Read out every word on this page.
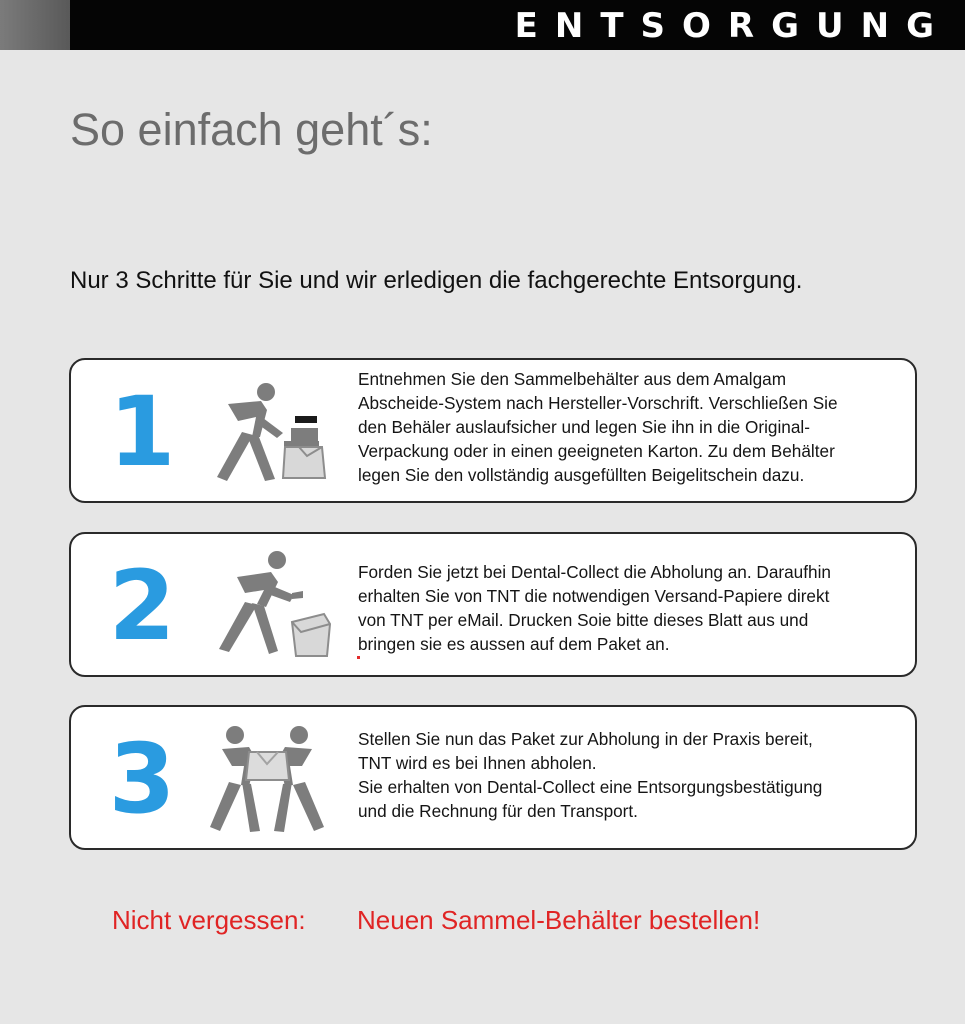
ENTSORGUNG
So einfach geht´s:
Nur 3 Schritte für Sie und wir erledigen die fachgerechte Entsorgung.
1	Entnehmen Sie den Sammelbehälter aus dem Amalgam
Abscheide-System nach Hersteller-Vorschrift. Verschließen Sie
den Behäler auslaufsicher und legen Sie ihn in die Original-
Verpackung oder in einen geeigneten Karton. Zu dem Behälter
legen Sie den vollständig ausgefüllten Beigelitschein dazu.
2	Forden Sie jetzt bei Dental-Collect die Abholung an. Daraufhin
erhalten Sie von TNT die notwendigen Versand-Papiere direkt
von TNT per eMail. Drucken Soie bitte dieses Blatt aus und
bringen sie es aussen auf dem Paket an.
3	Stellen Sie nun das Paket zur Abholung in der Praxis bereit,
TNT wird es bei Ihnen abholen.
Sie erhalten von Dental-Collect eine Entsorgungsbestätigung
und die Rechnung für den Transport.
Nicht vergessen: Neuen Sammel-Behälter bestellen!
